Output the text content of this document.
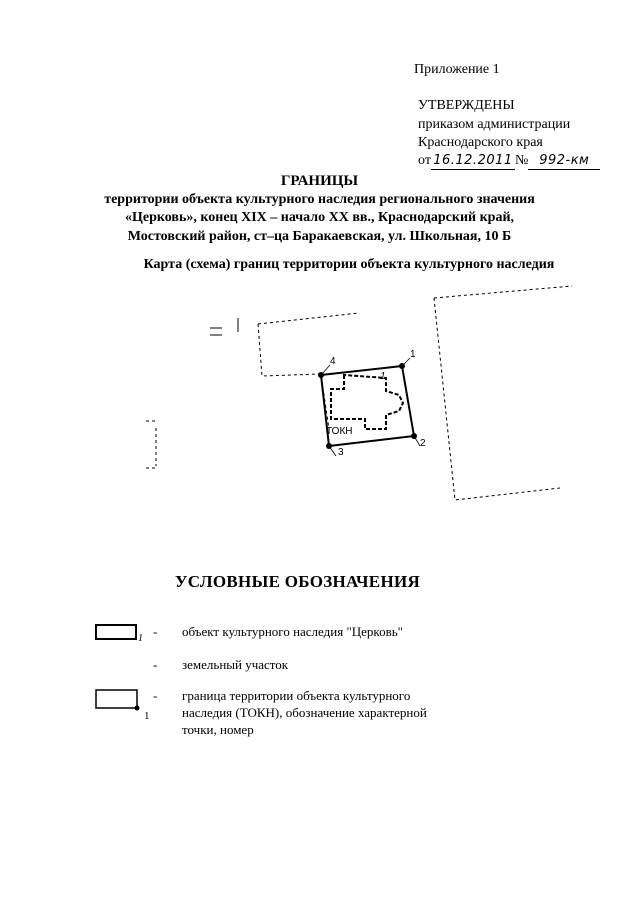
Приложение 1
УТВЕРЖДЕНЫ
приказом администрации
Краснодарского края
от 16.12.2011 № 992-км
ГРАНИЦЫ
территории объекта культурного наследия регионального значения
«Церковь», конец XIX – начало XX вв., Краснодарский край,
Мостовский район, ст–ца Баракаевская, ул. Школьная, 10 Б
Карта (схема) границ территории объекта культурного наследия
1
2
3
4
1
ТОКН
УСЛОВНЫЕ ОБОЗНАЧЕНИЯ
1 - объект культурного наследия "Церковь"
- земельный участок
1
- граница территории объекта культурного
наследия (ТОКН), обозначение характерной
точки, номер
